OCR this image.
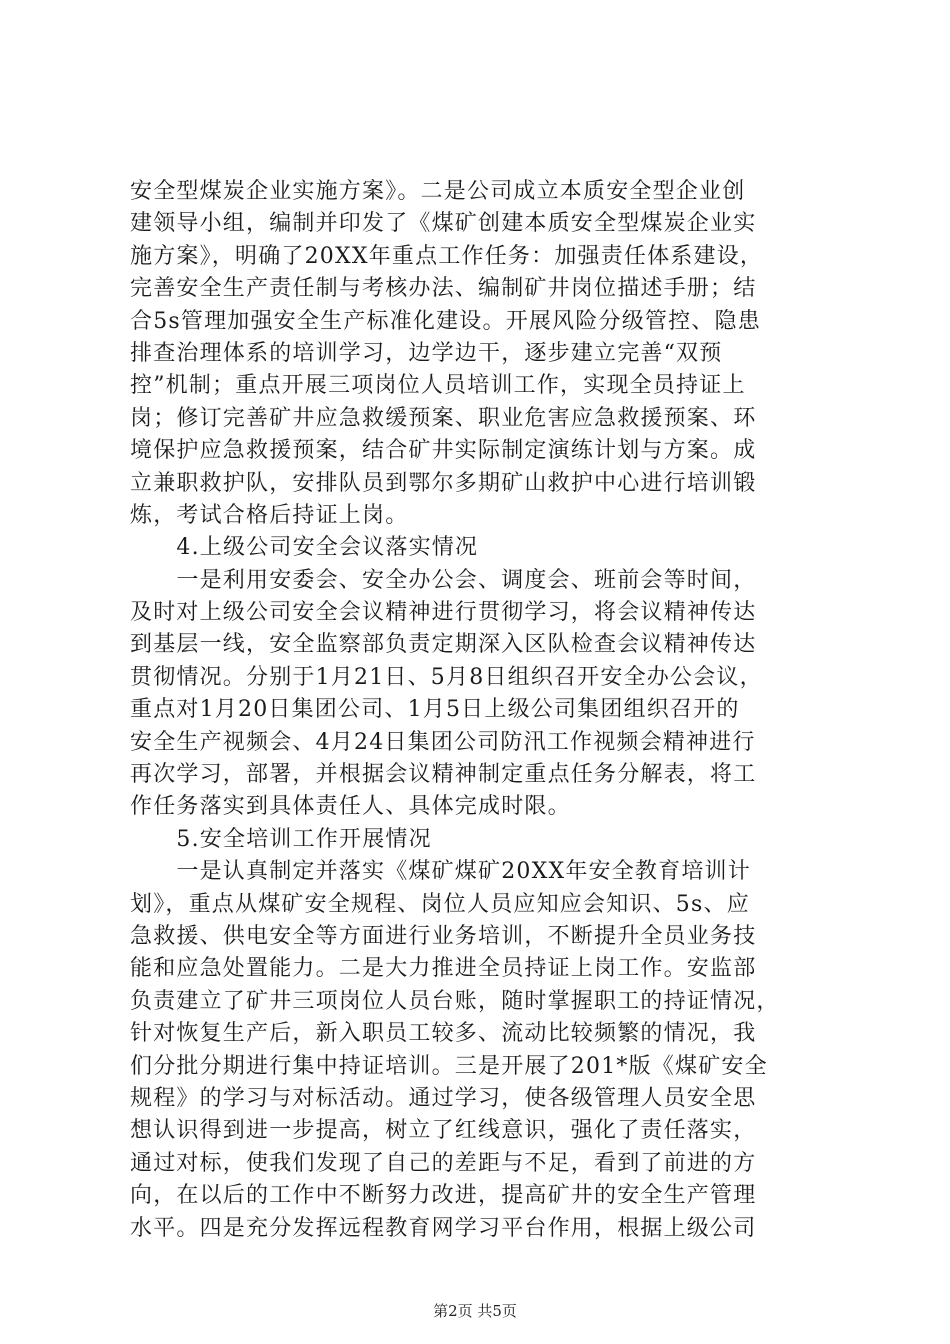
安全型煤炭企业实施方案》。二是公司成立本质安全型企业创
建领导小组，编制并印发了《煤矿创建本质安全型煤炭企业实
施方案》，明确了20XX年重点工作任务：加强责任体系建设，
完善安全生产责任制与考核办法、编制矿井岗位描述手册；结
合5s管理加强安全生产标准化建设。开展风险分级管控、隐患
排查治理体系的培训学习，边学边干，逐步建立完善“双预
控”机制；重点开展三项岗位人员培训工作，实现全员持证上
岗；修订完善矿井应急救缓预案、职业危害应急救援预案、环
境保护应急救援预案，结合矿井实际制定演练计划与方案。成
立兼职救护队，安排队员到鄂尔多期矿山救护中心进行培训锻
炼，考试合格后持证上岗。
　　4.上级公司安全会议落实情况
　　一是利用安委会、安全办公会、调度会、班前会等时间，
及时对上级公司安全会议精神进行贯彻学习，将会议精神传达
到基层一线，安全监察部负责定期深入区队检查会议精神传达
贯彻情况。分别于1月21日、5月8日组织召开安全办公会议，
重点对1月20日集团公司、1月5日上级公司集团组织召开的
安全生产视频会、4月24日集团公司防汛工作视频会精神进行
再次学习，部署，并根据会议精神制定重点任务分解表，将工
作任务落实到具体责任人、具体完成时限。
　　5.安全培训工作开展情况
　　一是认真制定并落实《煤矿煤矿20XX年安全教育培训计
划》，重点从煤矿安全规程、岗位人员应知应会知识、5s、应
急救援、供电安全等方面进行业务培训，不断提升全员业务技
能和应急处置能力。二是大力推进全员持证上岗工作。安监部
负责建立了矿井三项岗位人员台账，随时掌握职工的持证情况，
针对恢复生产后，新入职员工较多、流动比较频繁的情况，我
们分批分期进行集中持证培训。三是开展了201*版《煤矿安全
规程》的学习与对标活动。通过学习，使各级管理人员安全思
想认识得到进一步提高，树立了红线意识，强化了责任落实，
通过对标，使我们发现了自己的差距与不足，看到了前进的方
向，在以后的工作中不断努力改进，提高矿井的安全生产管理
水平。四是充分发挥远程教育网学习平台作用，根据上级公司
第2页 共5页
